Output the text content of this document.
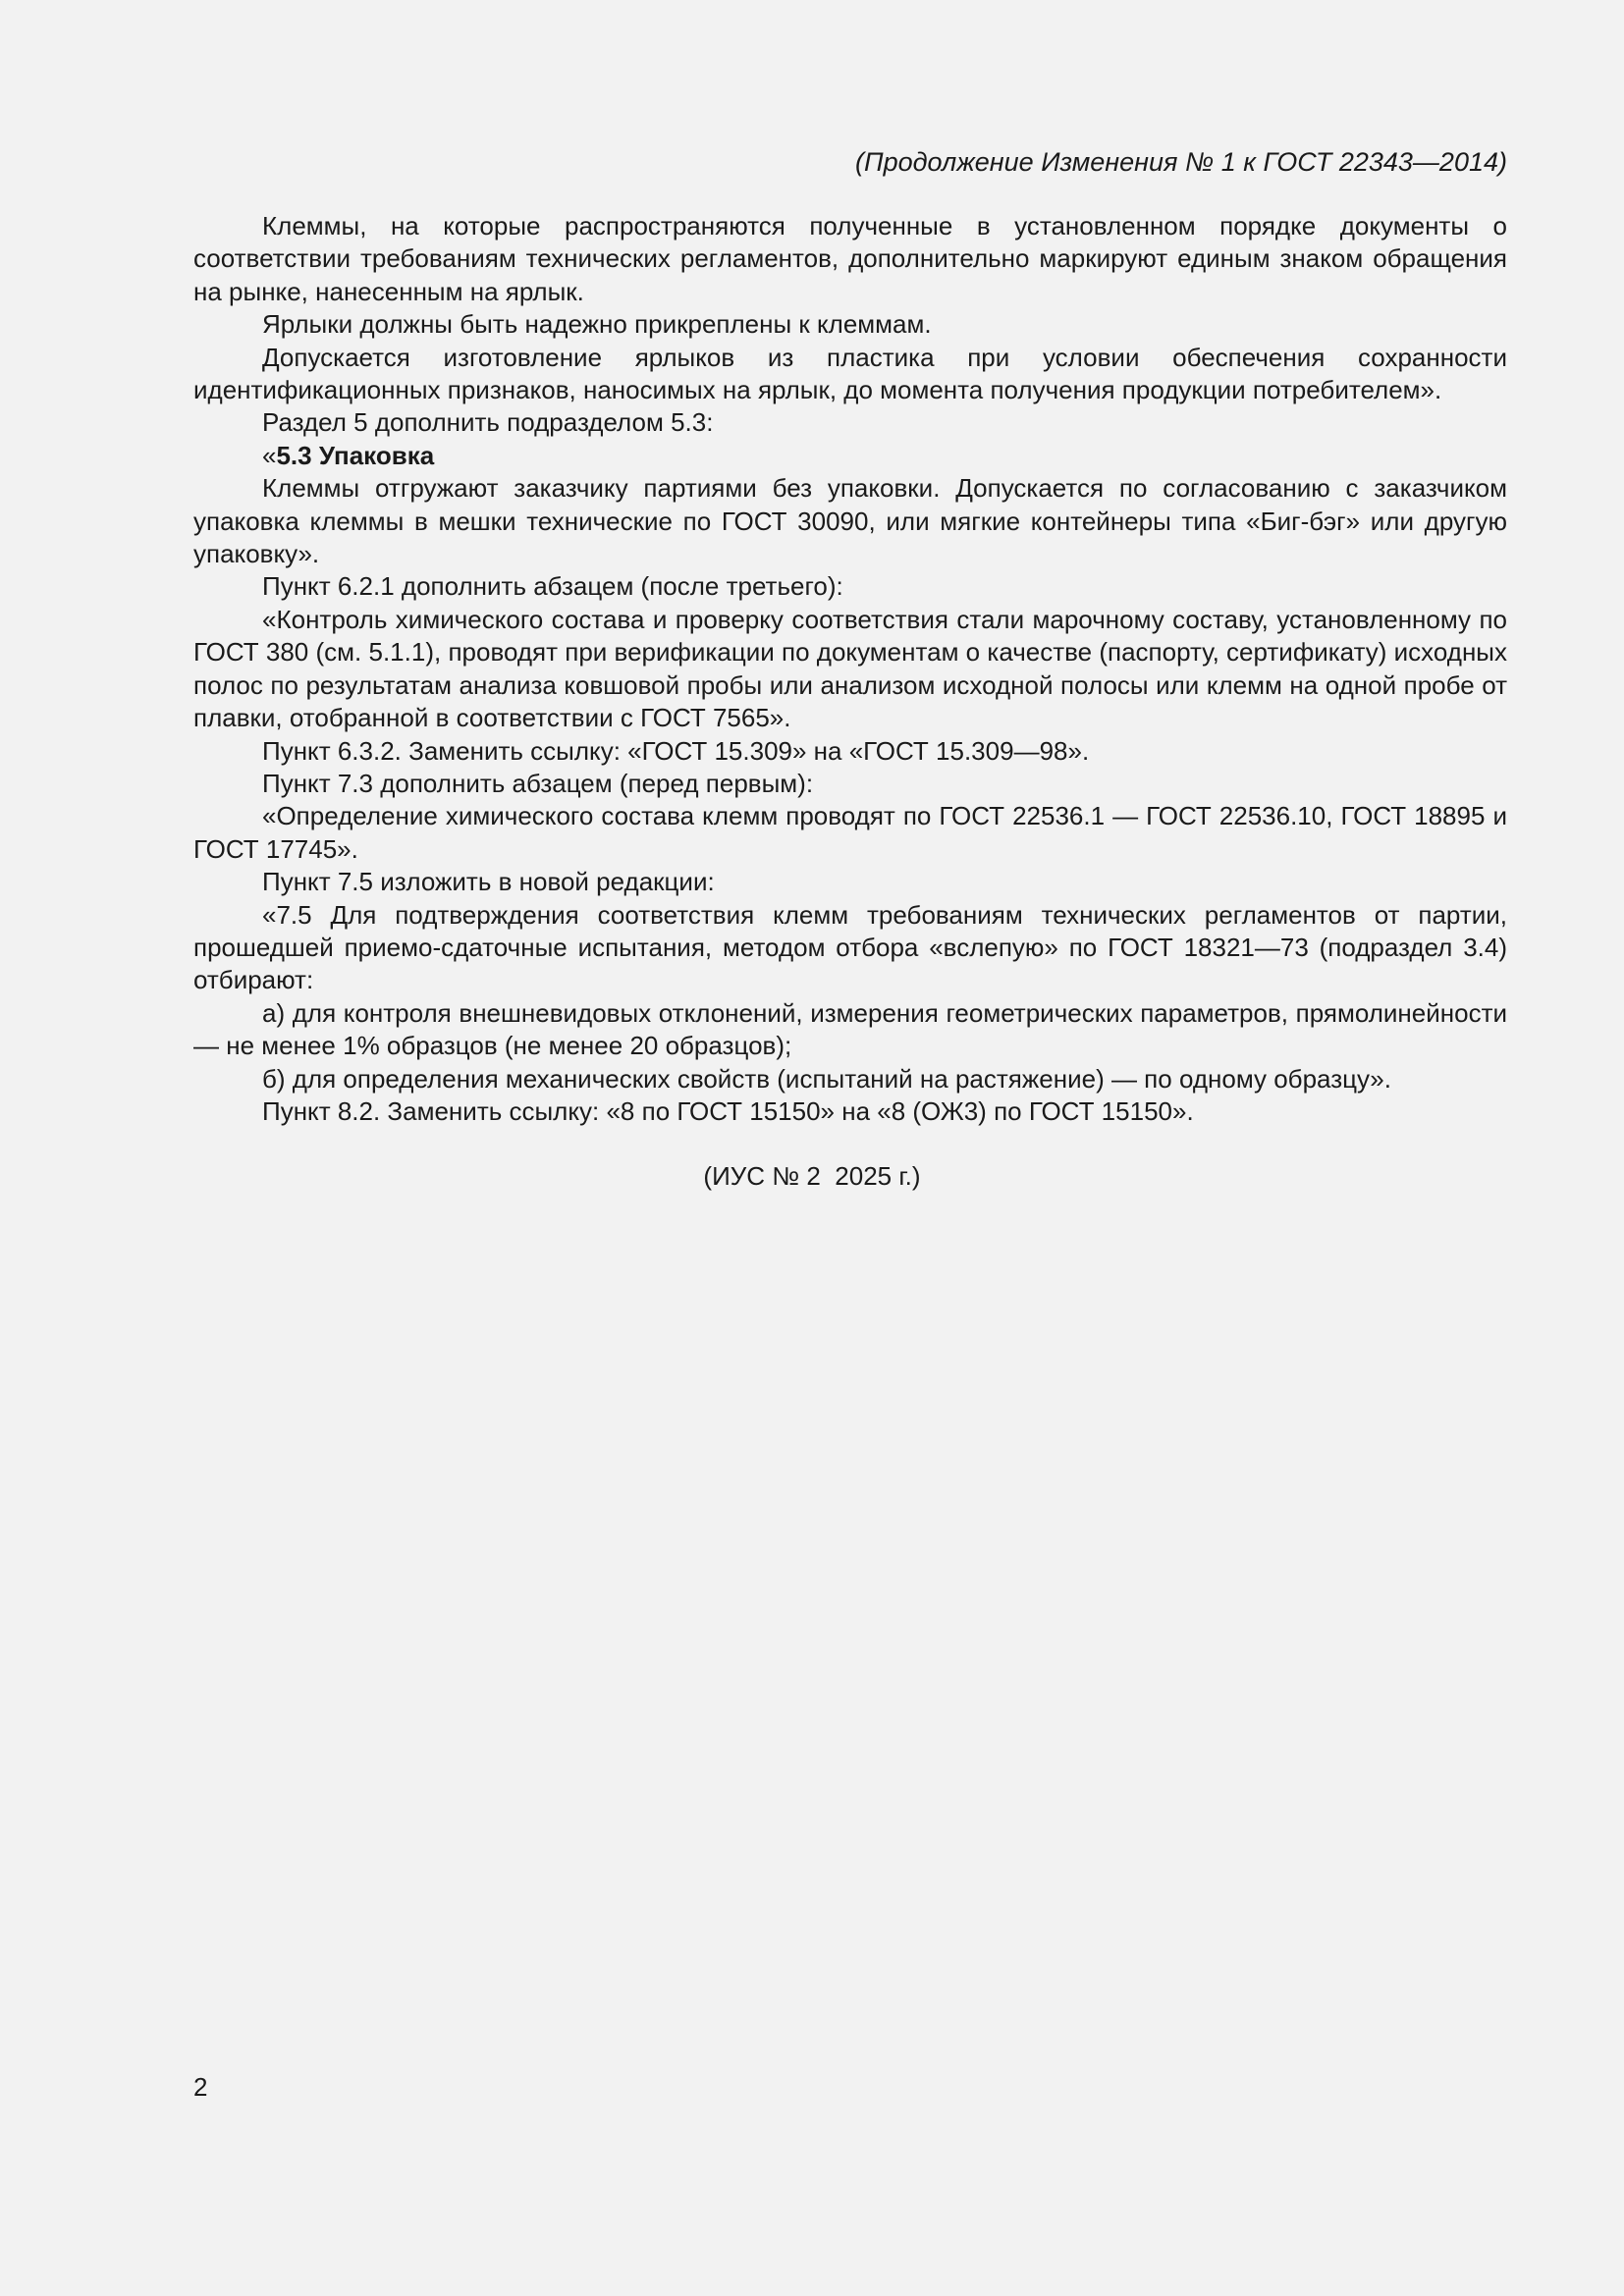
(Продолжение Изменения № 1 к ГОСТ 22343—2014)

Клеммы, на которые распространяются полученные в установленном порядке документы о соответствии требованиям технических регламентов, дополнительно маркируют единым знаком обращения на рынке, нанесенным на ярлык.

Ярлыки должны быть надежно прикреплены к клеммам.

Допускается изготовление ярлыков из пластика при условии обеспечения сохранности идентификационных признаков, наносимых на ярлык, до момента получения продукции потребителем».

Раздел 5 дополнить подразделом 5.3:

«5.3 Упаковка

Клеммы отгружают заказчику партиями без упаковки. Допускается по согласованию с заказчиком упаковка клеммы в мешки технические по ГОСТ 30090, или мягкие контейнеры типа «Биг-бэг» или другую упаковку».

Пункт 6.2.1 дополнить абзацем (после третьего):

«Контроль химического состава и проверку соответствия стали марочному составу, установленному по ГОСТ 380 (см. 5.1.1), проводят при верификации по документам о качестве (паспорту, сертификату) исходных полос по результатам анализа ковшовой пробы или анализом исходной полосы или клемм на одной пробе от плавки, отобранной в соответствии с ГОСТ 7565».

Пункт 6.3.2. Заменить ссылку: «ГОСТ 15.309» на «ГОСТ 15.309—98».

Пункт 7.3 дополнить абзацем (перед первым):

«Определение химического состава клемм проводят по ГОСТ 22536.1 — ГОСТ 22536.10, ГОСТ 18895 и ГОСТ 17745».

Пункт 7.5 изложить в новой редакции:

«7.5 Для подтверждения соответствия клемм требованиям технических регламентов от партии, прошедшей приемо-сдаточные испытания, методом отбора «вслепую» по ГОСТ 18321—73 (подраздел 3.4) отбирают:

а) для контроля внешневидовых отклонений, измерения геометрических параметров, прямолинейности — не менее 1% образцов (не менее 20 образцов);

б) для определения механических свойств (испытаний на растяжение) — по одному образцу».

Пункт 8.2. Заменить ссылку: «8 по ГОСТ 15150» на «8 (ОЖ3) по ГОСТ 15150».

(ИУС № 2  2025 г.)
2
